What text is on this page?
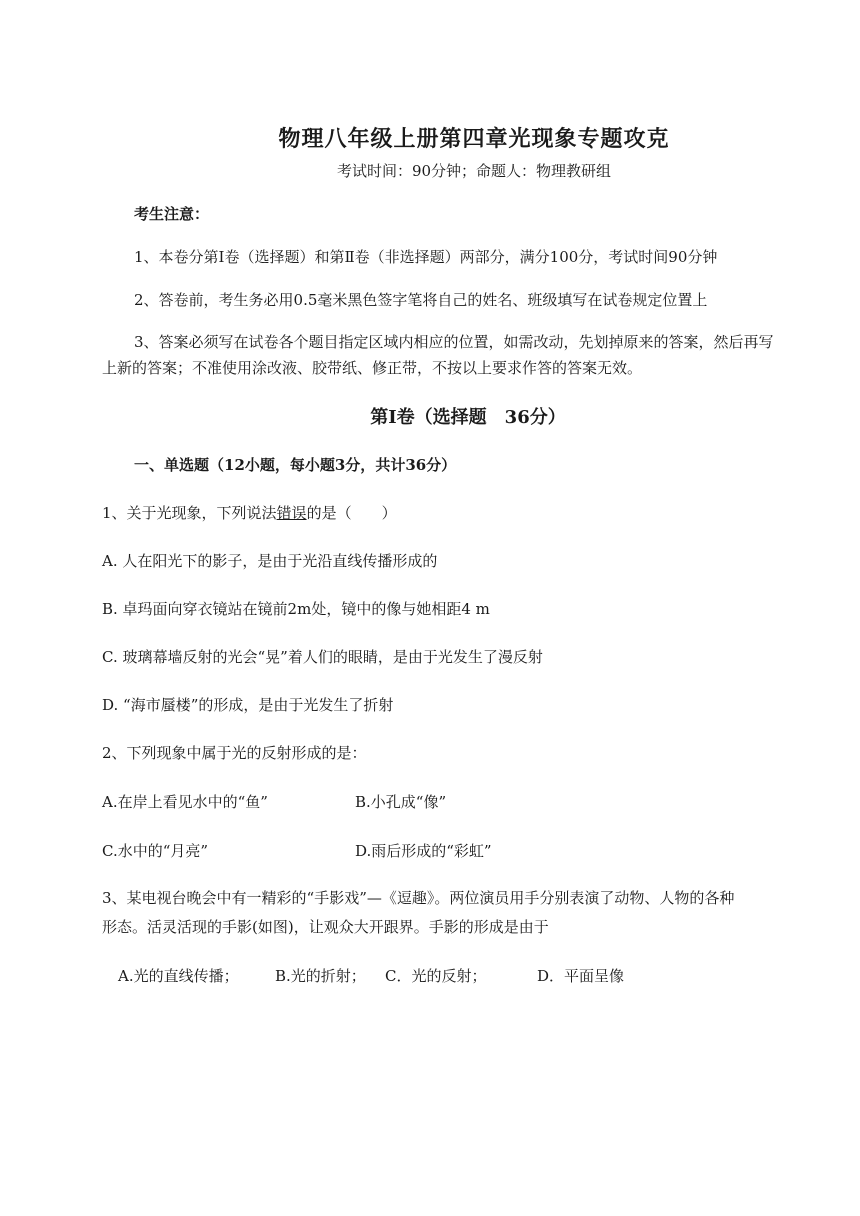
物理八年级上册第四章光现象专题攻克
考试时间：90分钟；命题人：物理教研组
考生注意：
1、本卷分第Ⅰ卷（选择题）和第Ⅱ卷（非选择题）两部分，满分100分，考试时间90分钟
2、答卷前，考生务必用0.5毫米黑色签字笔将自己的姓名、班级填写在试卷规定位置上
3、答案必须写在试卷各个题目指定区域内相应的位置，如需改动，先划掉原来的答案，然后再写
上新的答案；不准使用涂改液、胶带纸、修正带，不按以上要求作答的答案无效。
第Ⅰ卷（选择题　36分）
一、单选题（12小题，每小题3分，共计36分）
1、关于光现象，下列说法错误的是（　　）
A. 人在阳光下的影子，是由于光沿直线传播形成的
B. 卓玛面向穿衣镜站在镜前2m处，镜中的像与她相距4 m
C. 玻璃幕墙反射的光会“晃”着人们的眼睛，是由于光发生了漫反射
D. “海市蜃楼”的形成，是由于光发生了折射
2、下列现象中属于光的反射形成的是：
A.在岸上看见水中的“鱼”	B.小孔成“像”
C.水中的“月亮”	D.雨后形成的“彩虹”
3、某电视台晚会中有一精彩的“手影戏”—《逗趣》。两位演员用手分别表演了动物、人物的各种
形态。活灵活现的手影(如图)，让观众大开跟界。手影的形成是由于
A.光的直线传播； B.光的折射； C．光的反射；	D．平面呈像
